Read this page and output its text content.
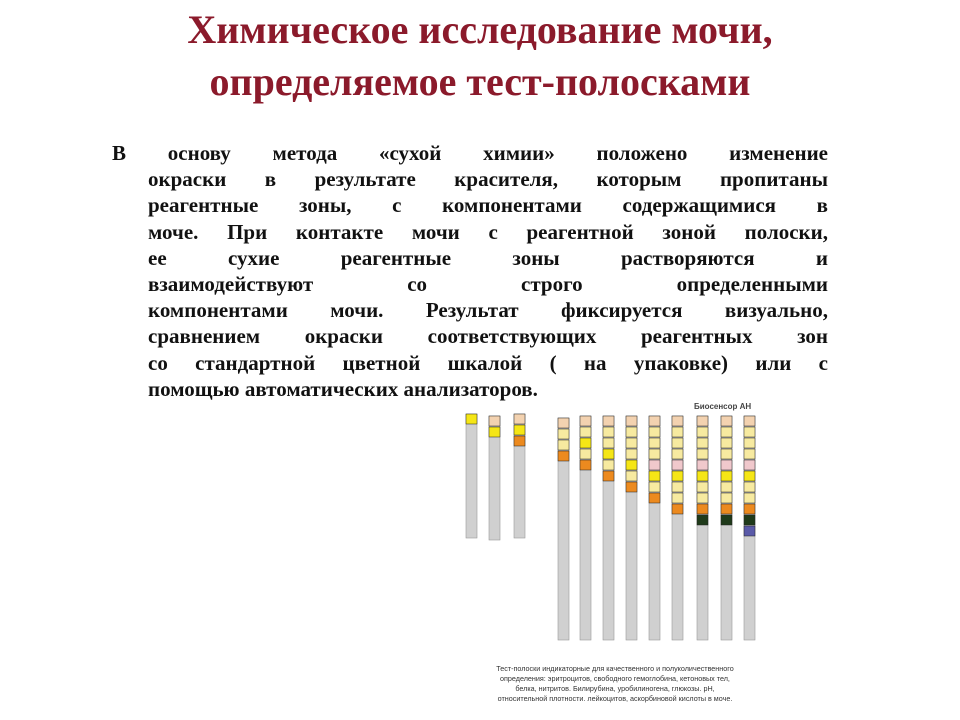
Химическое исследование мочи,
определяемое тест-полосками
В основу метода «сухой химии» положено изменение
окраски в результате красителя, которым пропитаны
реагентные зоны, с компонентами содержащимися в
моче. При контакте мочи с реагентной зоной полоски,
ее сухие реагентные зоны растворяются и
взаимодействуют со строго определенными
компонентами мочи. Результат фиксируется визуально,
сравнением окраски соответствующих реагентных зон
со стандартной цветной шкалой ( на упаковке) или с
помощью автоматических анализаторов.
Биосенсор АН
Тест-полоски индикаторные для качественного и полуколичественного
определения: эритроцитов, свободного гемоглобина, кетоновых тел,
белка, нитритов. Билирубина, уробилиногена, глюкозы. pH,
относительной плотности. лейкоцитов, аскорбиновой кислоты в моче.
